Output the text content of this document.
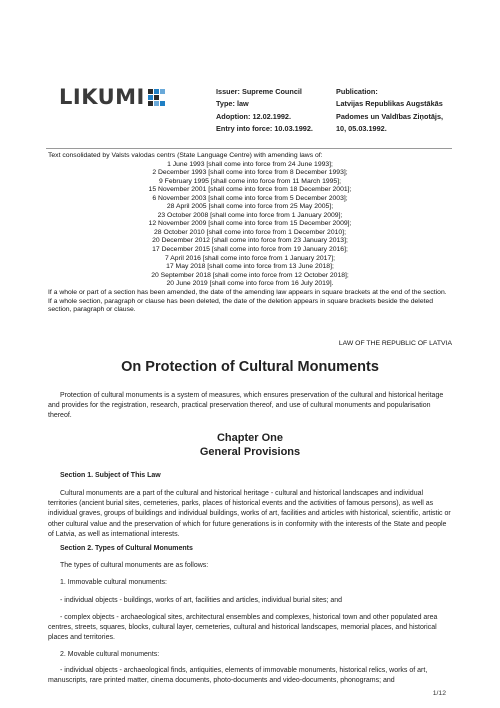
LIKUMI	Issuer: Supreme Council
Type: law
Adoption: 12.02.1992.
Entry into force: 10.03.1992.
Publication:
Latvijas Republikas Augstākās
Padomes un Valdības Ziņotājs,
10, 05.03.1992.
Text consolidated by Valsts valodas centrs (State Language Centre) with amending laws of:
1 June 1993 [shall come into force from 24 June 1993];
2 December 1993 [shall come into force from 8 December 1993];
9 February 1995 [shall come into force from 11 March 1995];
15 November 2001 [shall come into force from 18 December 2001];
6 November 2003 [shall come into force from 5 December 2003];
28 April 2005 [shall come into force from 25 May 2005];
23 October 2008 [shall come into force from 1 January 2009];
12 November 2009 [shall come into force from 15 December 2009];
28 October 2010 [shall come into force from 1 December 2010];
20 December 2012 [shall come into force from 23 January 2013];
17 December 2015 [shall come into force from 19 January 2016];
7 April 2016 [shall come into force from 1 January 2017];
17 May 2018 [shall come into force from 13 June 2018];
20 September 2018 [shall come into force from 12 October 2018];
20 June 2019 [shall come into force from 16 July 2019].
If a whole or part of a section has been amended, the date of the amending law appears in square brackets at the end of the section. If a whole section, paragraph or clause has been deleted, the date of the deletion appears in square brackets beside the deleted section, paragraph or clause.
LAW OF THE REPUBLIC OF LATVIA
On Protection of Cultural Monuments
Protection of cultural monuments is a system of measures, which ensures preservation of the cultural and historical heritage and provides for the registration, research, practical preservation thereof, and use of cultural monuments and popularisation thereof.
Chapter One
General Provisions
Section 1. Subject of This Law
Cultural monuments are a part of the cultural and historical heritage - cultural and historical landscapes and individual territories (ancient burial sites, cemeteries, parks, places of historical events and the activities of famous persons), as well as individual graves, groups of buildings and individual buildings, works of art, facilities and articles with historical, scientific, artistic or other cultural value and the preservation of which for future generations is in conformity with the interests of the State and people of Latvia, as well as international interests.
Section 2. Types of Cultural Monuments
The types of cultural monuments are as follows:
1. Immovable cultural monuments:
- individual objects - buildings, works of art, facilities and articles, individual burial sites; and
- complex objects - archaeological sites, architectural ensembles and complexes, historical town and other populated area centres, streets, squares, blocks, cultural layer, cemeteries, cultural and historical landscapes, memorial places, and historical places and territories.
2. Movable cultural monuments:
- individual objects - archaeological finds, antiquities, elements of immovable monuments, historical relics, works of art, manuscripts, rare printed matter, cinema documents, photo-documents and video-documents, phonograms; and
1/12
